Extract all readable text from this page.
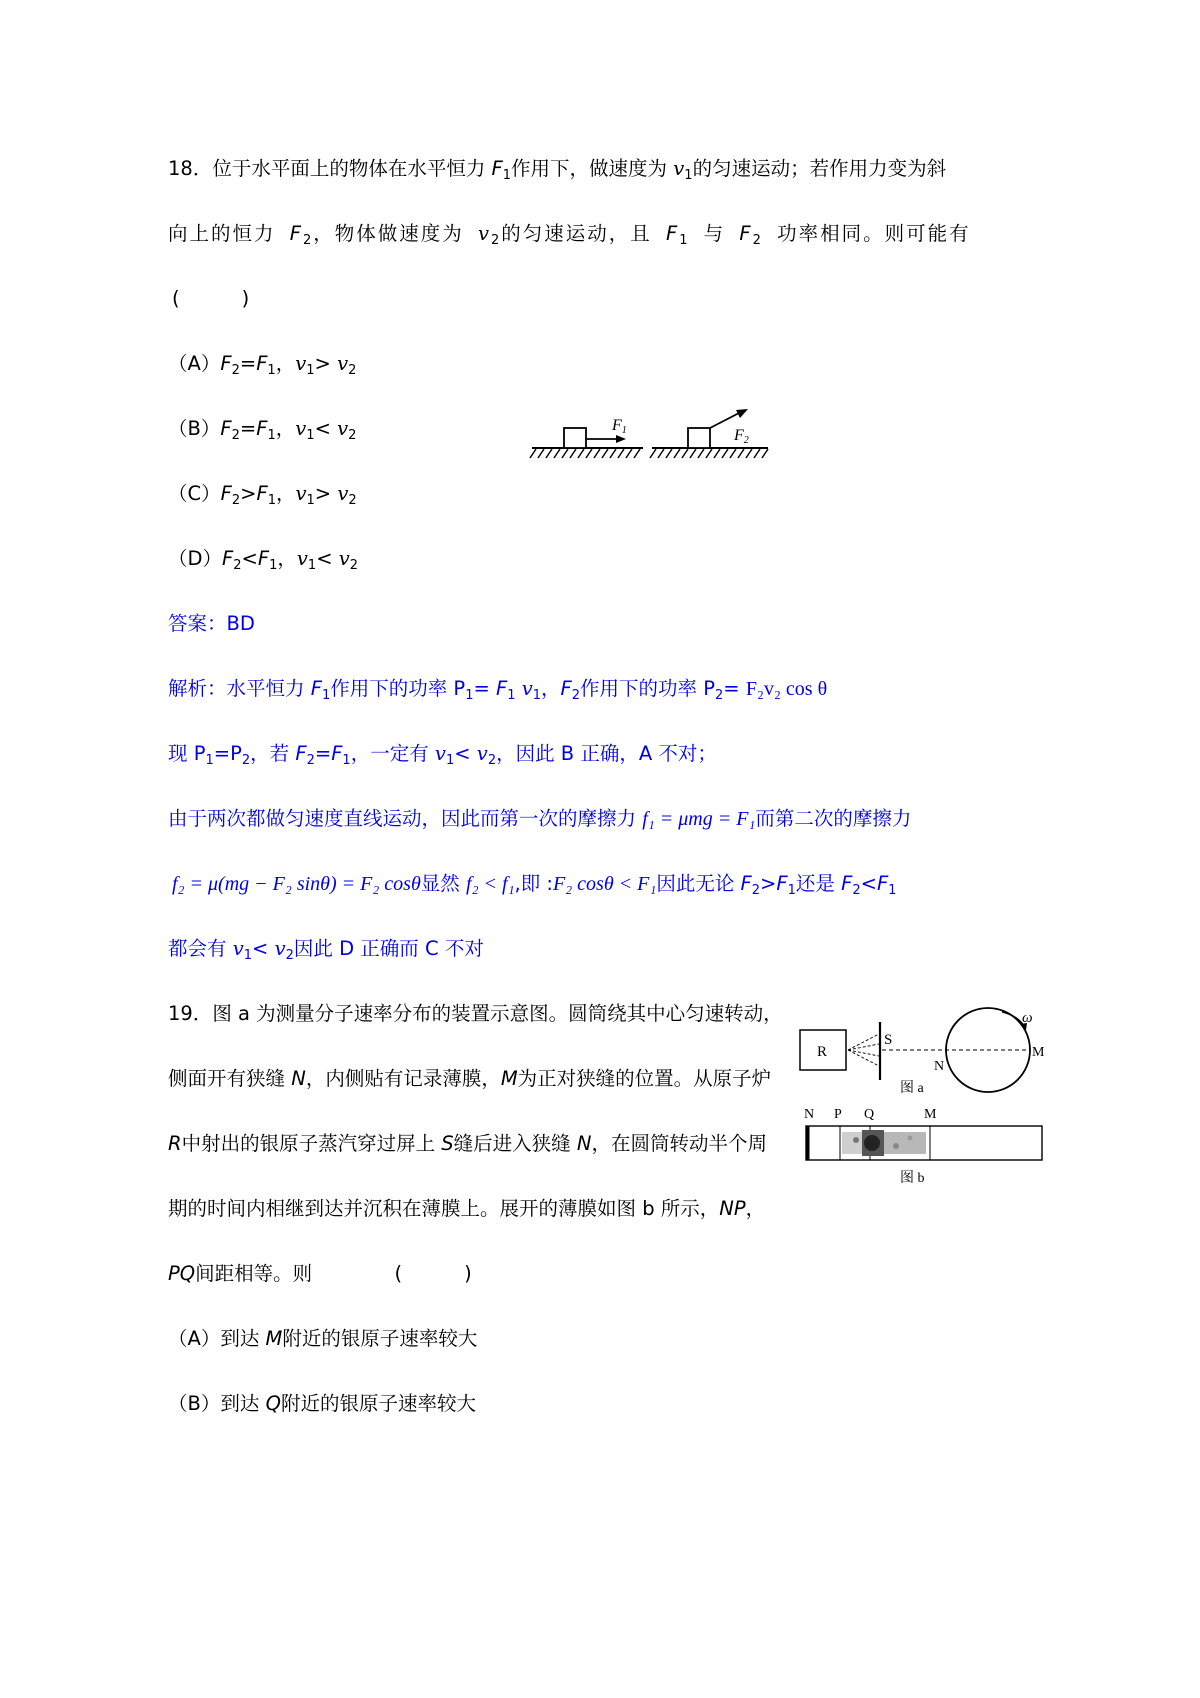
18．位于水平面上的物体在水平恒力 $F_1$作用下，做速度为 $v_1$的匀速运动；若作用力变为斜
向上的恒力 $F_2$，物体做速度为 $v_2$的匀速运动，且 $F_1$ 与 $F_2$ 功率相同。则可能有
(          )
$(A)F_2=F_1$，$v_1> v_2$
$(B)F_2=F_1$，$v_1< v_2$
$(C)F_2>F_1$，$v_1> v_2$
$(D)F_2<F_1$，$v_1< v_2$
F1	F2
答案：BD
解析：水平恒力 $F_1$作用下的功率 $P_1= F_1$ $v_1$，$F_2$作用下的功率 $P_2= F_2v_2$ cos θ
现 $P_1=P_2$，若 $F_2=F_1$，一定有 $v_1< v_2$，因此 B 正确，A 不对；
由于两次都做匀速度直线运动，因此而第一次的摩擦力 f₁ = μmg = F₁而第二次的摩擦力
f₂ = μ(mg − F₂ sinθ) = F₂ cosθ显然 f₂ < f₁,即 :F₂ cosθ < F₁因此无论 $F_2>F_1$还是 $F_2<F_1$
都会有 $v_1< v_2$因此 D 正确而 C 不对
19．图 a 为测量分子速率分布的装置示意图。圆筒绕其中心匀速转动，
侧面开有狭缝 N，内侧贴有记录薄膜，M为正对狭缝的位置。从原子炉
R中射出的银原子蒸汽穿过屏上 S缝后进入狭缝 N，在圆筒转动半个周
期的时间内相继到达并沉积在薄膜上。展开的薄膜如图 b 所示，NP，
PQ间距相等。则	(          )
（A）到达 M附近的银原子速率较大
（B）到达 Q附近的银原子速率较大
R
S
ω
N
M
图 a
N P Q	M
图 b
